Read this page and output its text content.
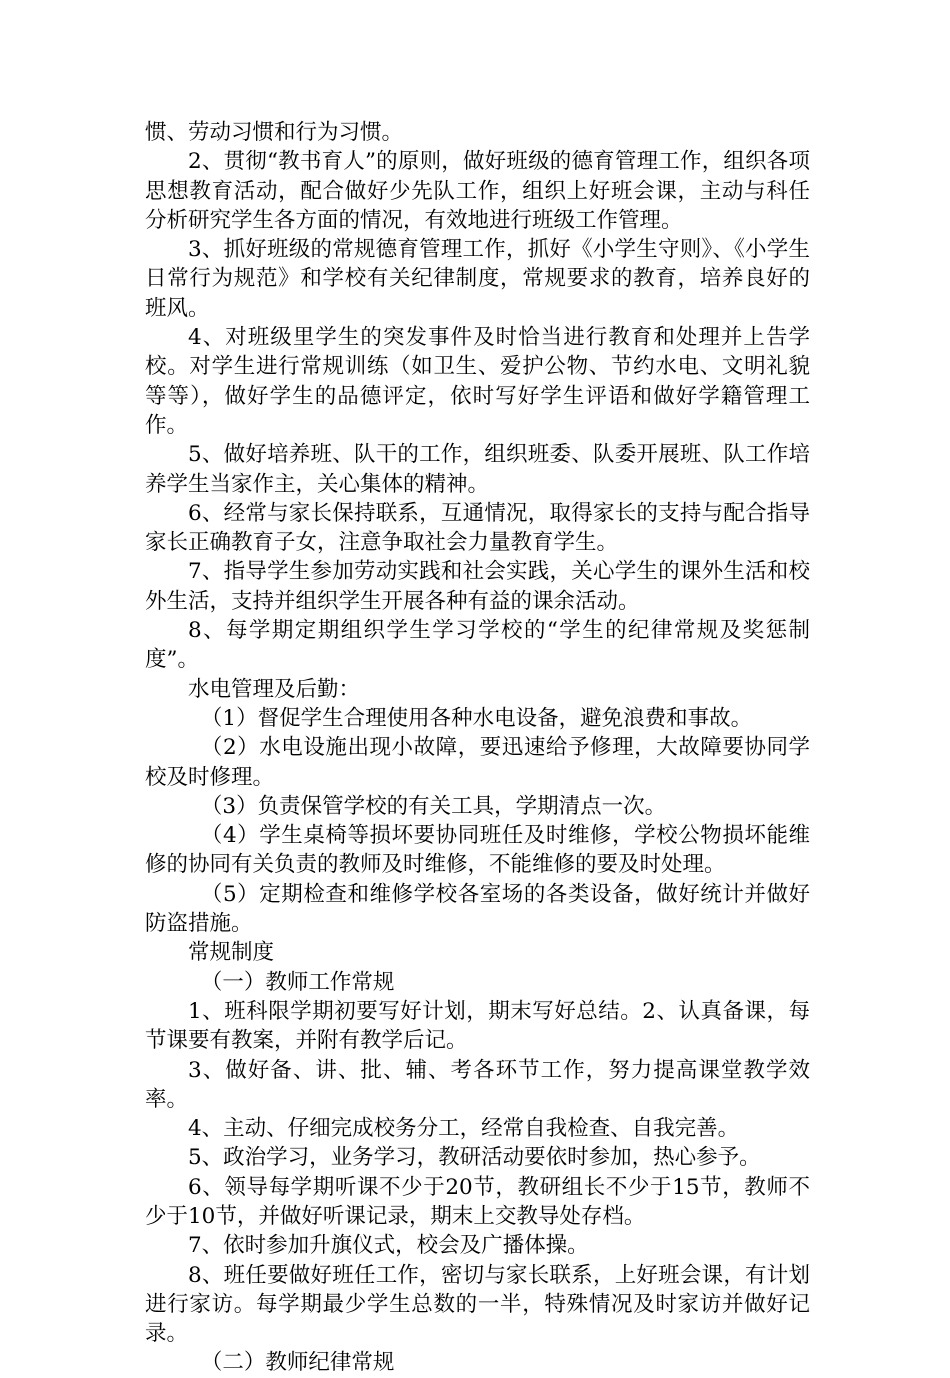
惯、劳动习惯和行为习惯。

2、贯彻“教书育人”的原则，做好班级的德育管理工作，组织各项思想教育活动，配合做好少先队工作，组织上好班会课，主动与科任分析研究学生各方面的情况，有效地进行班级工作管理。

3、抓好班级的常规德育管理工作，抓好《小学生守则》、《小学生日常行为规范》和学校有关纪律制度，常规要求的教育，培养良好的班风。

4、对班级里学生的突发事件及时恰当进行教育和处理并上告学校。对学生进行常规训练（如卫生、爱护公物、节约水电、文明礼貌等等），做好学生的品德评定，依时写好学生评语和做好学籍管理工作。

5、做好培养班、队干的工作，组织班委、队委开展班、队工作培养学生当家作主，关心集体的精神。

6、经常与家长保持联系，互通情况，取得家长的支持与配合指导家长正确教育子女，注意争取社会力量教育学生。

7、指导学生参加劳动实践和社会实践，关心学生的课外生活和校外生活，支持并组织学生开展各种有益的课余活动。

8、每学期定期组织学生学习学校的“学生的纪律常规及奖惩制度”。

水电管理及后勤：

（1）督促学生合理使用各种水电设备，避免浪费和事故。

（2）水电设施出现小故障，要迅速给予修理，大故障要协同学校及时修理。

（3）负责保管学校的有关工具，学期清点一次。

（4）学生桌椅等损坏要协同班任及时维修，学校公物损坏能维修的协同有关负责的教师及时维修，不能维修的要及时处理。

（5）定期检查和维修学校各室场的各类设备，做好统计并做好防盗措施。

常规制度

（一）教师工作常规

1、班科限学期初要写好计划，期末写好总结。2、认真备课，每节课要有教案，并附有教学后记。

3、做好备、讲、批、辅、考各环节工作，努力提高课堂教学效率。

4、主动、仔细完成校务分工，经常自我检查、自我完善。

5、政治学习，业务学习，教研活动要依时参加，热心参予。

6、领导每学期听课不少于20节，教研组长不少于15节，教师不少于10节，并做好听课记录，期末上交教导处存档。

7、依时参加升旗仪式，校会及广播体操。

8、班任要做好班任工作，密切与家长联系，上好班会课，有计划进行家访。每学期最少学生总数的一半，特殊情况及时家访并做好记录。

（二）教师纪律常规
